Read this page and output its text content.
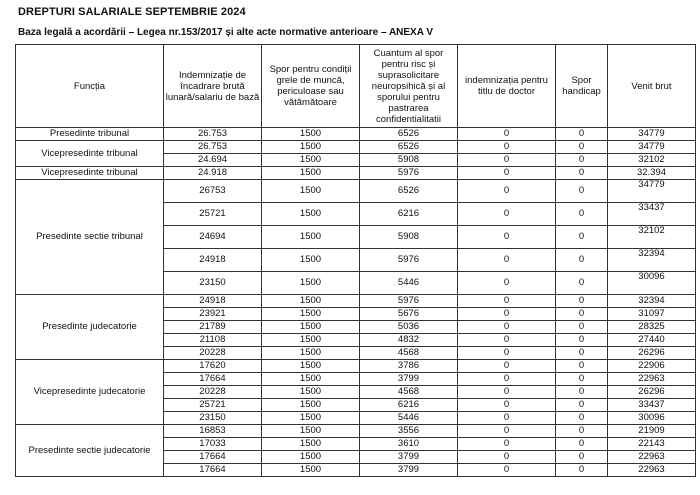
DREPTURI SALARIALE SEPTEMBRIE 2024
Baza legală a acordării – Legea nr.153/2017 și alte acte normative anterioare – ANEXA V
Funcția	Indemnizație de încadrare brută lunară/salariu de bază	Spor pentru condiții grele de muncă, periculoase sau vătămătoare	Cuantum al spor pentru risc și suprasolicitare neuropsihică și al sporului pentru pastrarea confidentialitatii	indemnizația pentru titlu de doctor	Spor handicap	Venit brut
Presedinte tribunal	26.753	1500	6526	0	0	34779
Vicepresedinte tribunal	26.753	1500	6526	0	0	34779
	24.694	1500	5908	0	0	32102
Vicepresedinte tribunal	24.918	1500	5976	0	0	32.394
Presedinte sectie tribunal	26753	1500	6526	0	0	34779
	25721	1500	6216	0	0	33437
	24694	1500	5908	0	0	32102
	24918	1500	5976	0	0	32394
	23150	1500	5446	0	0	30096
Presedinte judecatorie	24918	1500	5976	0	0	32394
	23921	1500	5676	0	0	31097
	21789	1500	5036	0	0	28325
	21108	1500	4832	0	0	27440
	20228	1500	4568	0	0	26296
Vicepresedinte judecatorie	17620	1500	3786	0	0	22906
	17664	1500	3799	0	0	22963
	20228	1500	4568	0	0	26296
	25721	1500	6216	0	0	33437
	23150	1500	5446	0	0	30096
Presedinte sectie judecatorie	16853	1500	3556	0	0	21909
	17033	1500	3610	0	0	22143
	17664	1500	3799	0	0	22963
	17664	1500	3799	0	0	22963
